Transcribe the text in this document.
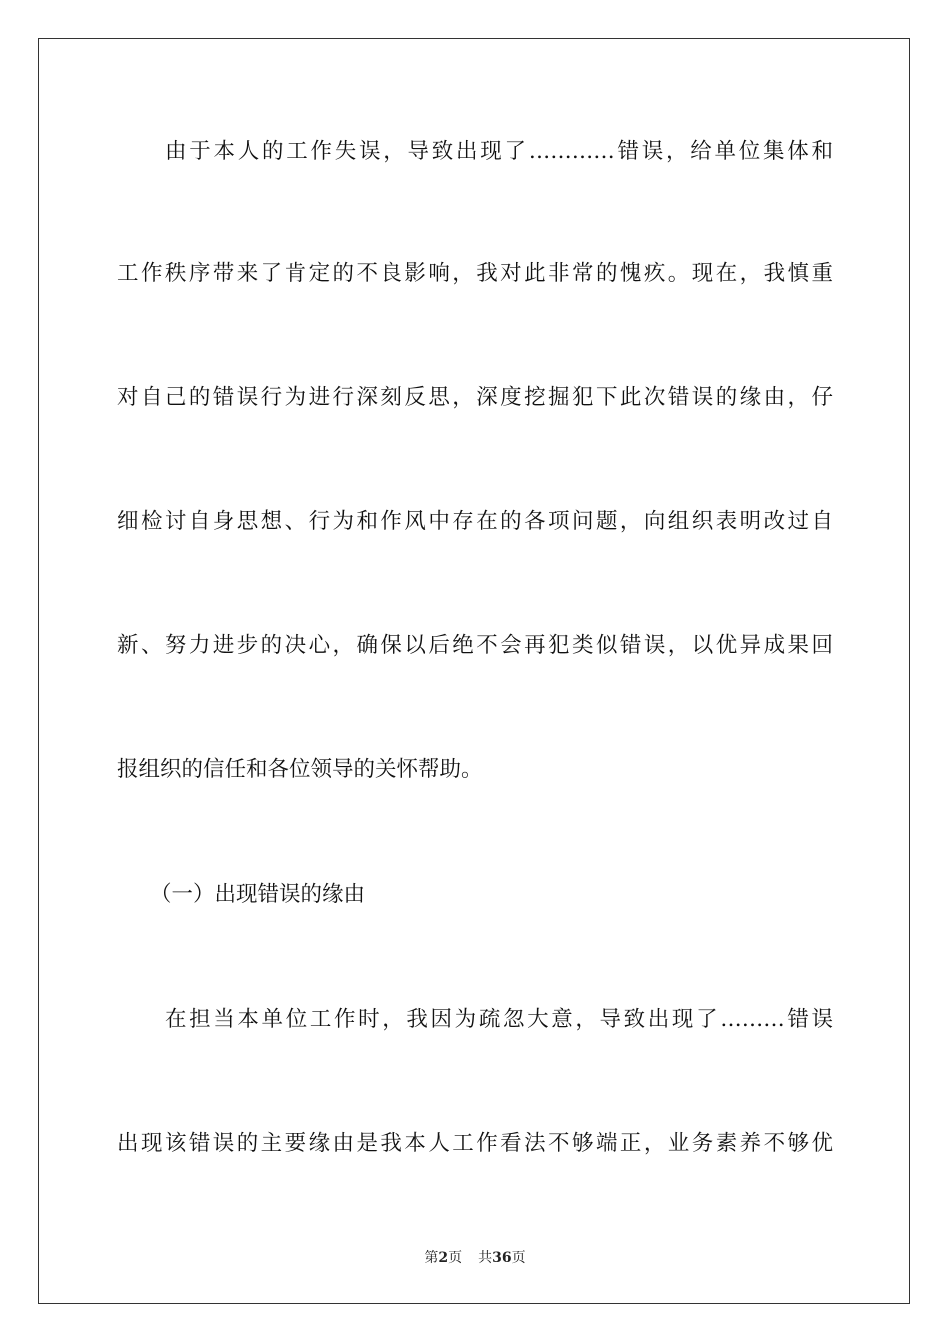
由于本人的工作失误，导致出现了…………错误，给单位集体和
工作秩序带来了肯定的不良影响，我对此非常的愧疚。现在，我慎重
对自己的错误行为进行深刻反思，深度挖掘犯下此次错误的缘由，仔
细检讨自身思想、行为和作风中存在的各项问题，向组织表明改过自
新、努力进步的决心，确保以后绝不会再犯类似错误，以优异成果回
报组织的信任和各位领导的关怀帮助。
（一）出现错误的缘由
在担当本单位工作时，我因为疏忽大意，导致出现了………错误
出现该错误的主要缘由是我本人工作看法不够端正，业务素养不够优
第2页 共36页
